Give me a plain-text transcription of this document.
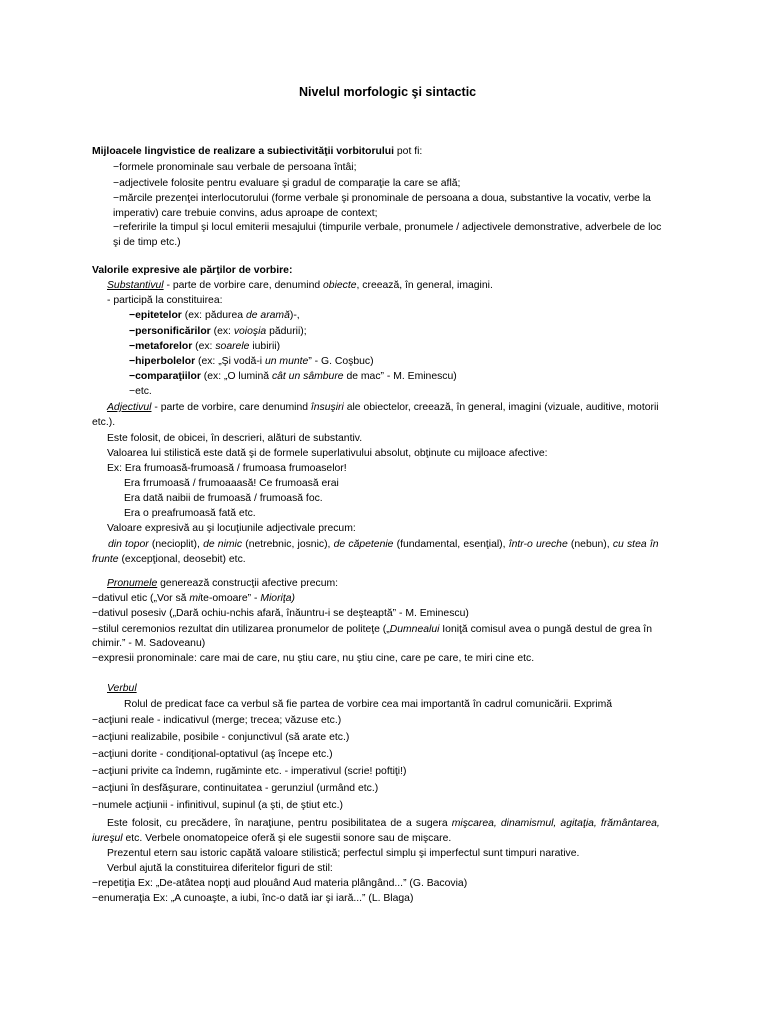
Nivelul morfologic şi sintactic
Mijloacele lingvistice de realizare a subiectivităţii vorbitorului pot fi:
−formele pronominale sau verbale de persoana întâi;
−adjectivele folosite pentru evaluare şi gradul de comparaţie la care se află;
−mărcile prezenţei interlocutorului (forme verbale şi pronominale de persoana a doua, substantive la vocativ, verbe la
imperativ) care trebuie convins, adus aproape de context;
−referirile la timpul şi locul emiterii mesajului (timpurile verbale, pronumele / adjectivele demonstrative, adverbele de loc
şi de timp etc.)
Valorile expresive ale părţilor de vorbire:
Substantivul - parte de vorbire care, denumind obiecte, creează, în general, imagini.
- participă la constituirea:
−epitetelor (ex: pădurea de aramă)-,
−personificărilor (ex: voioşia pădurii);
−metaforelor (ex: soarele iubirii)
−hiperbolelor (ex: „Şi vodă-i un munte” - G. Coşbuc)
−comparaţiilor (ex: „O lumină cât un sâmbure de mac” - M. Eminescu)
−etc.
Adjectivul - parte de vorbire, care denumind însuşiri ale obiectelor, creează, în general, imagini (vizuale, auditive, motorii
etc.).
Este folosit, de obicei, în descrieri, alături de substantiv.
Valoarea lui stilistică este dată şi de formele superlativului absolut, obţinute cu mijloace afective:
Ex: Era frumoasă-frumoasă / frumoasa frumoaselor!
Era frrumoasă / frumoaaasă! Ce frumoasă erai
Era dată naibii de frumoasă / frumoasă foc.
Era o preafrumoasă fată etc.
Valoare expresivă au şi locuţiunile adjectivale precum:
din topor (necioplit), de nimic (netrebnic, josnic), de căpetenie (fundamental, esenţial), într-o ureche (nebun), cu stea în
frunte (excepţional, deosebit) etc.
Pronumele generează construcţii afective precum:
−dativul etic („Vor să mite-omoare” - Mioriţa)
−dativul posesiv („Dară ochiu-nchis afară, înăuntru-i se deşteaptă” - M. Eminescu)
−stilul ceremonios rezultat din utilizarea pronumelor de politeţe („Dumnealui Ioniţă comisul avea o pungă destul de grea în
chimir.” - M. Sadoveanu)
−expresii pronominale: care mai de care, nu ştiu care, nu ştiu cine, care pe care, te miri cine etc.
Verbul
Rolul de predicat face ca verbul să fie partea de vorbire cea mai importantă în cadrul comunicării. Exprimă
−acţiuni reale - indicativul (merge; trecea; văzuse etc.)
−acţiuni realizabile, posibile - conjunctivul (să arate etc.)
−acţiuni dorite - condiţional-optativul (aş începe etc.)
−acţiuni privite ca îndemn, rugăminte etc. - imperativul (scrie! poftiţi!)
−acţiuni în desfăşurare, continuitatea - gerunziul (urmând etc.)
−numele acţiunii - infinitivul, supinul (a şti, de ştiut etc.)
Este folosit, cu precădere, în naraţiune, pentru posibilitatea de a sugera mişcarea, dinamismul, agitaţia, frământarea,
iureşul etc. Verbele onomatopeice oferă şi ele sugestii sonore sau de mişcare.
Prezentul etern sau istoric capătă valoare stilistică; perfectul simplu şi imperfectul sunt timpuri narative.
Verbul ajută la constituirea diferitelor figuri de stil:
−repetiţia Ex: „De-atâtea nopţi aud plouând Aud materia plângând...” (G. Bacovia)
−enumeraţia Ex: „A cunoaşte, a iubi, înc-o dată iar şi iară...” (L. Blaga)
